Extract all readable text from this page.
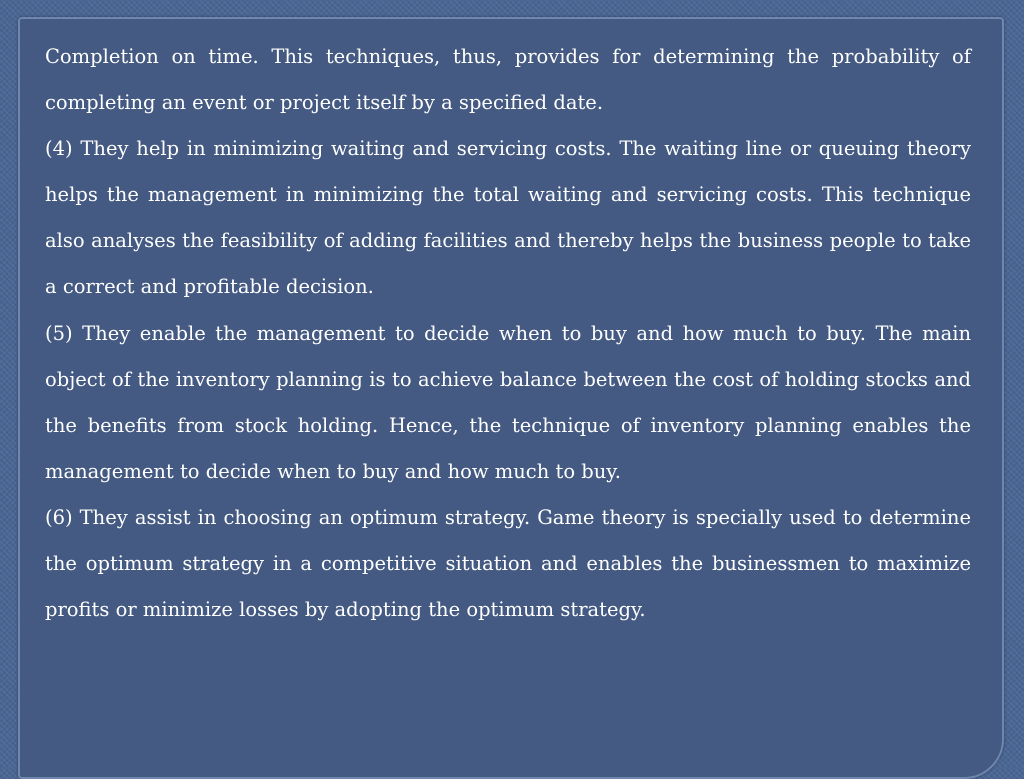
Completion on time. This techniques, thus, provides for determining the probability of completing an event or project itself by a specified date.

(4) They help in minimizing waiting and servicing costs. The waiting line or queuing theory helps the management in minimizing the total waiting and servicing costs. This technique also analyses the feasibility of adding facilities and thereby helps the business people to take a correct and profitable decision.

(5) They enable the management to decide when to buy and how much to buy. The main object of the inventory planning is to achieve balance between the cost of holding stocks and the benefits from stock holding. Hence, the technique of inventory planning enables the management to decide when to buy and how much to buy.

(6) They assist in choosing an optimum strategy. Game theory is specially used to determine the optimum strategy in a competitive situation and enables the businessmen to maximize profits or minimize losses by adopting the optimum strategy.
